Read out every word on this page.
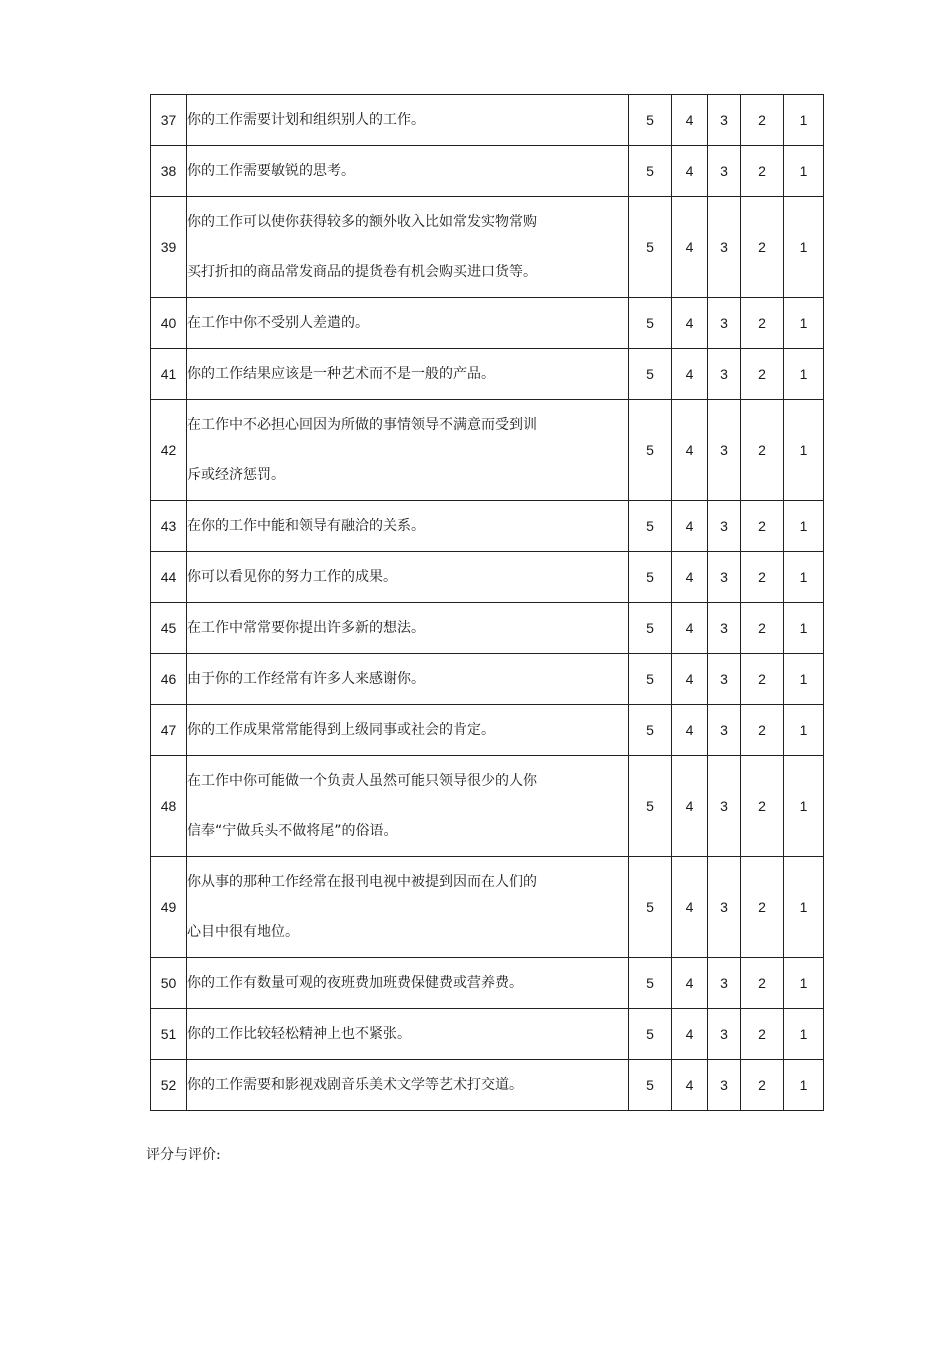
37	你的工作需要计划和组织别人的工作。	5	4	3	2	1
38	你的工作需要敏锐的思考。	5	4	3	2	1
39	你的工作可以使你获得较多的额外收入比如常发实物常购
买打折扣的商品常发商品的提货卷有机会购买进口货等。	5	4	3	2	1
40	在工作中你不受别人差遣的。	5	4	3	2	1
41	你的工作结果应该是一种艺术而不是一般的产品。	5	4	3	2	1
42	在工作中不必担心回因为所做的事情领导不满意而受到训
斥或经济惩罚。	5	4	3	2	1
43	在你的工作中能和领导有融洽的关系。	5	4	3	2	1
44	你可以看见你的努力工作的成果。	5	4	3	2	1
45	在工作中常常要你提出许多新的想法。	5	4	3	2	1
46	由于你的工作经常有许多人来感谢你。	5	4	3	2	1
47	你的工作成果常常能得到上级同事或社会的肯定。	5	4	3	2	1
48	在工作中你可能做一个负责人虽然可能只领导很少的人你
信奉“宁做兵头不做将尾”的俗语。	5	4	3	2	1
49	你从事的那种工作经常在报刊电视中被提到因而在人们的
心目中很有地位。	5	4	3	2	1
50	你的工作有数量可观的夜班费加班费保健费或营养费。	5	4	3	2	1
51	你的工作比较轻松精神上也不紧张。	5	4	3	2	1
52	你的工作需要和影视戏剧音乐美术文学等艺术打交道。	5	4	3	2	1
评分与评价:
